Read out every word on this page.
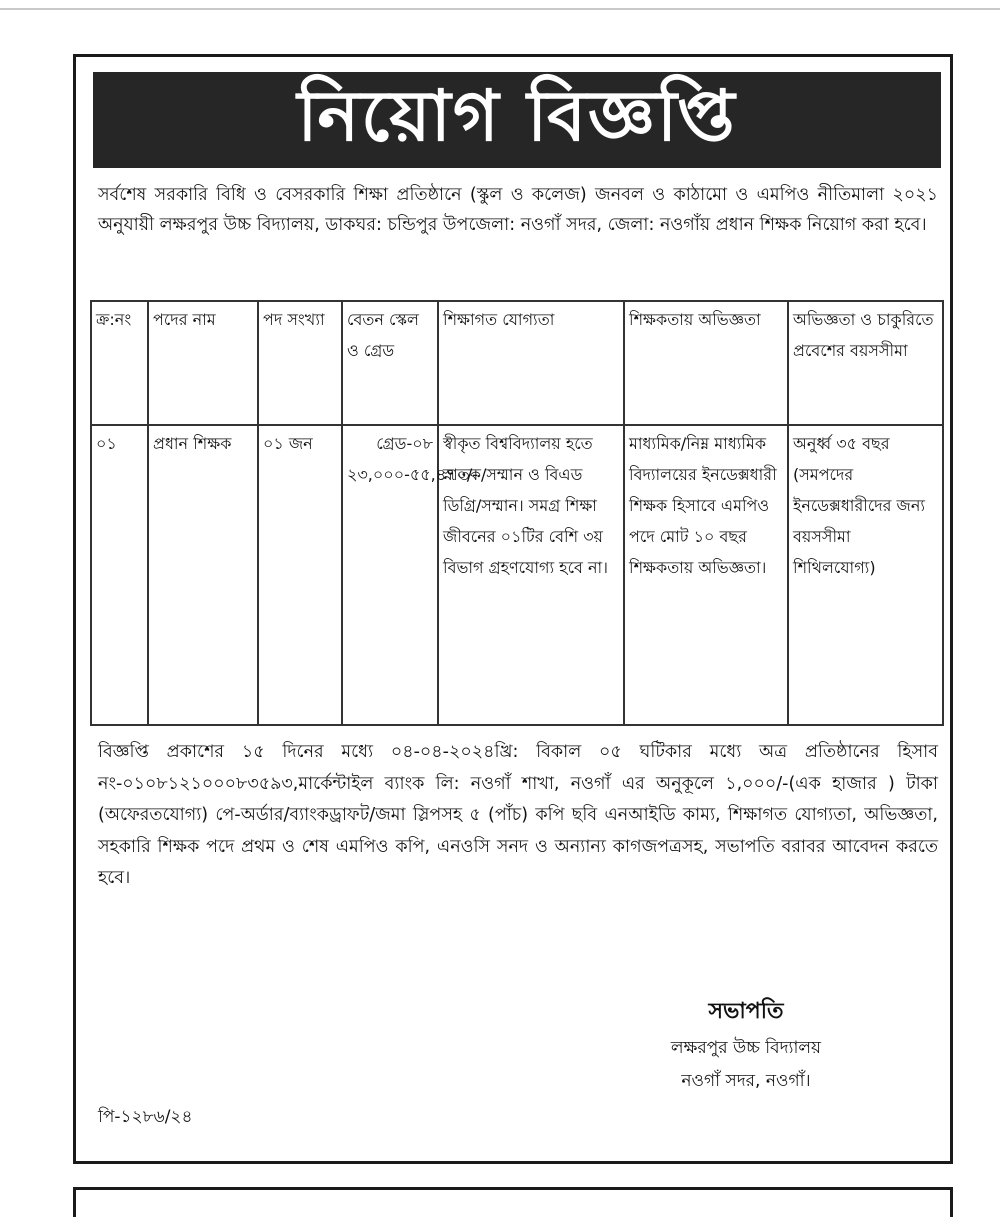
নিয়োগ বিজ্ঞপ্তি

সর্বশেষ সরকারি বিধি ও বেসরকারি শিক্ষা প্রতিষ্ঠানে (স্কুল ও কলেজ) জনবল ও কাঠামো ও এমপিও নীতিমালা ২০২১ অনুযায়ী লক্ষরপুর উচ্চ বিদ্যালয়, ডাকঘর: চন্ডিপুর উপজেলা: নওগাঁ সদর, জেলা: নওগাঁয় প্রধান শিক্ষক নিয়োগ করা হবে।

ক্র:নং	পদের নাম	পদ সংখ্যা	বেতন স্কেল ও গ্রেড	শিক্ষাগত যোগ্যতা	শিক্ষকতায় অভিজ্ঞতা	অভিজ্ঞতা ও চাকুরিতে প্রবেশের বয়সসীমা
০১	প্রধান শিক্ষক	০১ জন	গ্রেড-০৮ ২৩,০০০-৫৫,৪৭০/-	স্বীকৃত বিশ্ববিদ্যালয় হতে স্নাতক/সম্মান ও বিএড ডিগ্রি/সম্মান। সমগ্র শিক্ষা জীবনের ০১টির বেশি ৩য় বিভাগ গ্রহণযোগ্য হবে না।	মাধ্যমিক/নিম্ন মাধ্যমিক বিদ্যালয়ের ইনডেক্সধারী শিক্ষক হিসাবে এমপিও পদে মোট ১০ বছর শিক্ষকতায় অভিজ্ঞতা।	অনুর্ধ্ব ৩৫ বছর (সমপদের ইনডেক্সধারীদের জন্য বয়সসীমা শিথিলযোগ্য)

বিজ্ঞপ্তি প্রকাশের ১৫ দিনের মধ্যে ০৪-০৪-২০২৪খ্রি: বিকাল ০৫ ঘটিকার মধ্যে অত্র প্রতিষ্ঠানের হিসাব নং-০১০৮১২১০০০৮৩৫৯৩,মার্কেন্টাইল ব্যাংক লি: নওগাঁ শাখা, নওগাঁ এর অনুকূলে ১,০০০/-(এক হাজার ) টাকা (অফেরতযোগ্য) পে-অর্ডার/ব্যাংকড্রাফট/জমা স্লিপসহ ৫ (পাঁচ) কপি ছবি এনআইডি কাম্য, শিক্ষাগত যোগ্যতা, অভিজ্ঞতা, সহকারি শিক্ষক পদে প্রথম ও শেষ এমপিও কপি, এনওসি সনদ ও অন্যান্য কাগজপত্রসহ, সভাপতি বরাবর আবেদন করতে হবে।

সভাপতি
লক্ষরপুর উচ্চ বিদ্যালয়
নওগাঁ সদর, নওগাঁ।
পি-১২৮৬/২৪
